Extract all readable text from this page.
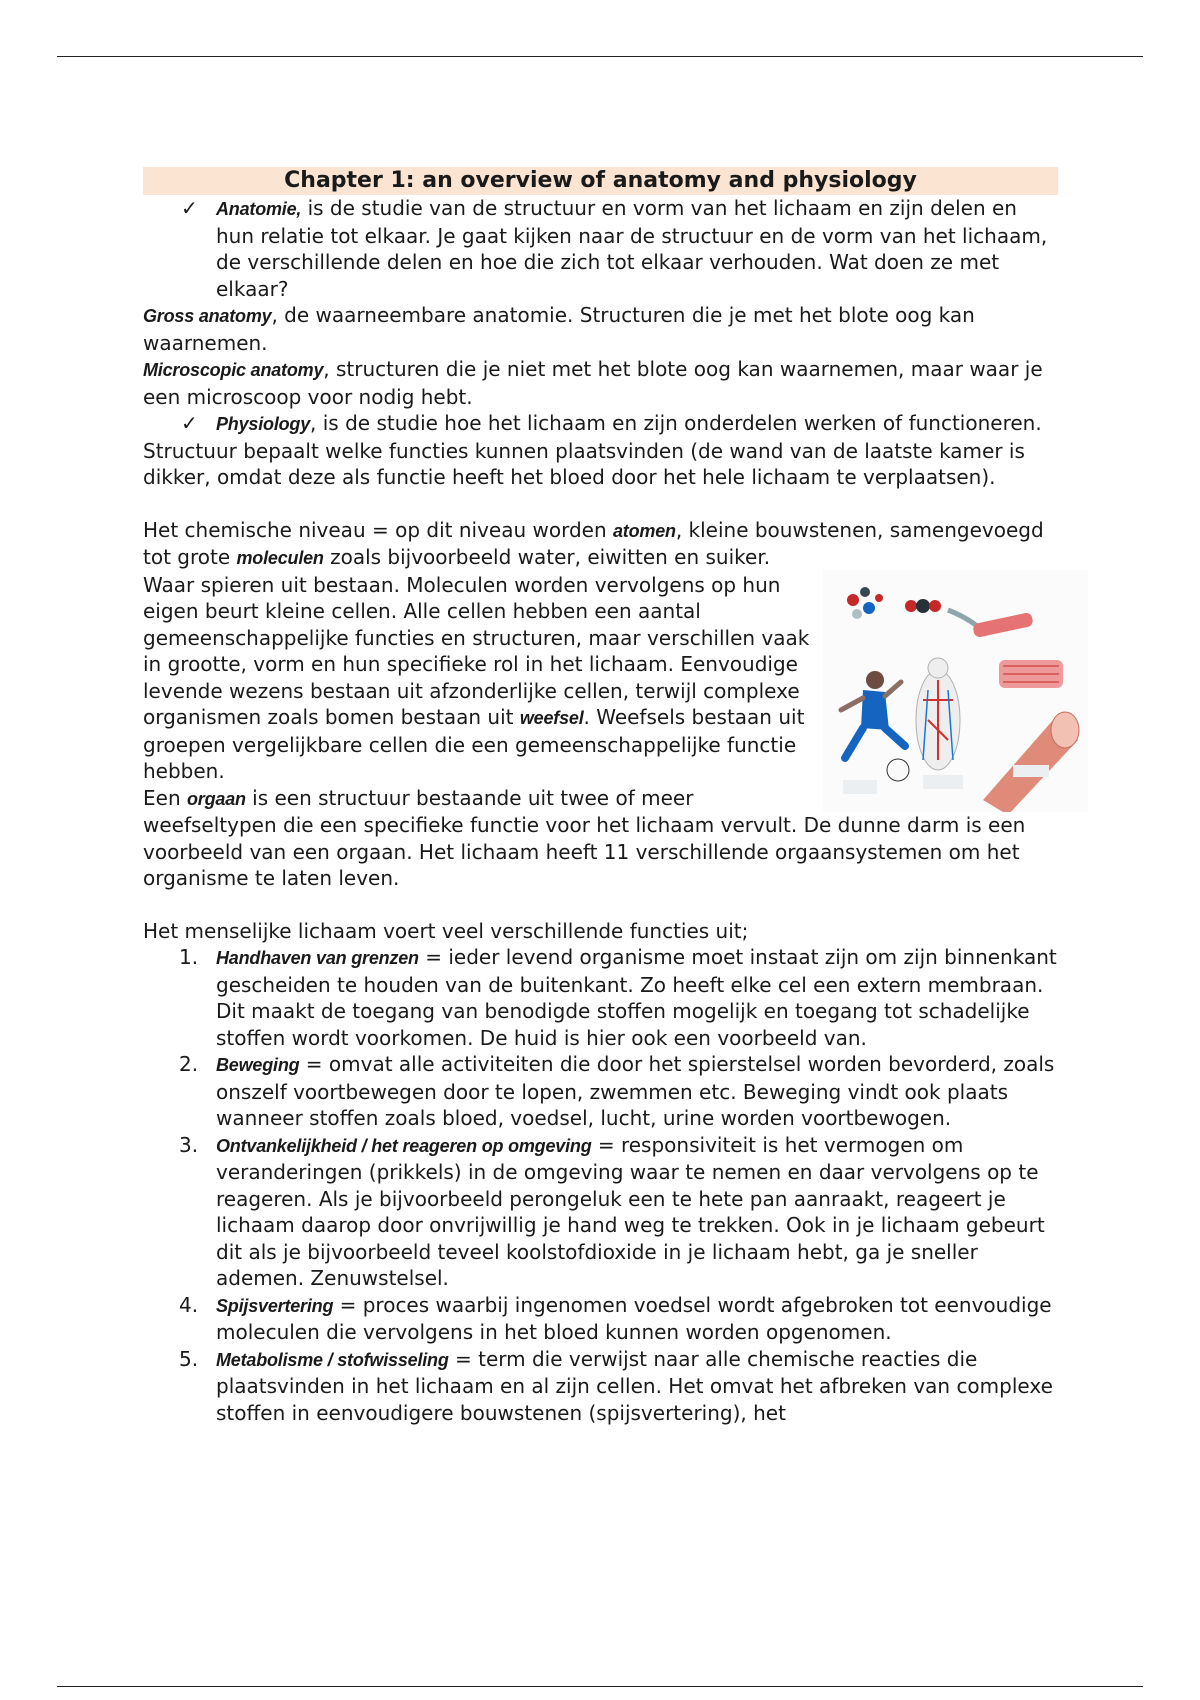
Chapter 1: an overview of anatomy and physiology

✓ Anatomie, is de studie van de structuur en vorm van het lichaam en zijn delen en hun relatie tot elkaar. Je gaat kijken naar de structuur en de vorm van het lichaam, de verschillende delen en hoe die zich tot elkaar verhouden. Wat doen ze met elkaar?

Gross anatomy, de waarneembare anatomie. Structuren die je met het blote oog kan waarnemen.

Microscopic anatomy, structuren die je niet met het blote oog kan waarnemen, maar waar je een microscoop voor nodig hebt.

✓ Physiology, is de studie hoe het lichaam en zijn onderdelen werken of functioneren.

Structuur bepaalt welke functies kunnen plaatsvinden (de wand van de laatste kamer is dikker, omdat deze als functie heeft het bloed door het hele lichaam te verplaatsen).

Het chemische niveau = op dit niveau worden atomen, kleine bouwstenen, samengevoegd tot grote moleculen
zoals bijvoorbeeld water, eiwitten en suiker. Waar spieren uit bestaan. Moleculen worden vervolgens op hun eigen beurt kleine cellen. Alle cellen hebben een aantal gemeenschappelijke functies en structuren, maar verschillen vaak in grootte, vorm en hun specifieke rol in het lichaam. Eenvoudige levende wezens bestaan uit afzonderlijke cellen, terwijl complexe organismen zoals bomen bestaan uit weefsel. Weefsels bestaan uit groepen vergelijkbare cellen die een gemeenschappelijke functie hebben.

Een orgaan is een structuur bestaande uit twee of meer weefseltypen die een specifieke functie voor het lichaam vervult. De dunne darm is een voorbeeld van een orgaan. Het lichaam heeft 11 verschillende orgaansystemen om het organisme te laten leven.

Het menselijke lichaam voert veel verschillende functies uit;

1. Handhaven van grenzen = ieder levend organisme moet instaat zijn om zijn binnenkant gescheiden te houden van de buitenkant. Zo heeft elke cel een extern membraan. Dit maakt de toegang van benodigde stoffen mogelijk en toegang tot schadelijke stoffen wordt voorkomen. De huid is hier ook een voorbeeld van.

2. Beweging = omvat alle activiteiten die door het spierstelsel worden bevorderd, zoals onszelf voortbewegen door te lopen, zwemmen etc. Beweging vindt ook plaats wanneer stoffen zoals bloed, voedsel, lucht, urine worden voortbewogen.

3. Ontvankelijkheid / het reageren op omgeving = responsiviteit is het vermogen om veranderingen (prikkels) in de omgeving waar te nemen en daar vervolgens op te reageren. Als je bijvoorbeeld perongeluk een te hete pan aanraakt, reageert je lichaam daarop door onvrijwillig je hand weg te trekken. Ook in je lichaam gebeurt dit als je bijvoorbeeld teveel koolstofdioxide in je lichaam hebt, ga je sneller ademen. Zenuwstelsel.

4. Spijsvertering = proces waarbij ingenomen voedsel wordt afgebroken tot eenvoudige moleculen die vervolgens in het bloed kunnen worden opgenomen.

5. Metabolisme / stofwisseling = term die verwijst naar alle chemische reacties die plaatsvinden in het lichaam en al zijn cellen. Het omvat het afbreken van complexe stoffen in eenvoudigere bouwstenen (spijsvertering), het
